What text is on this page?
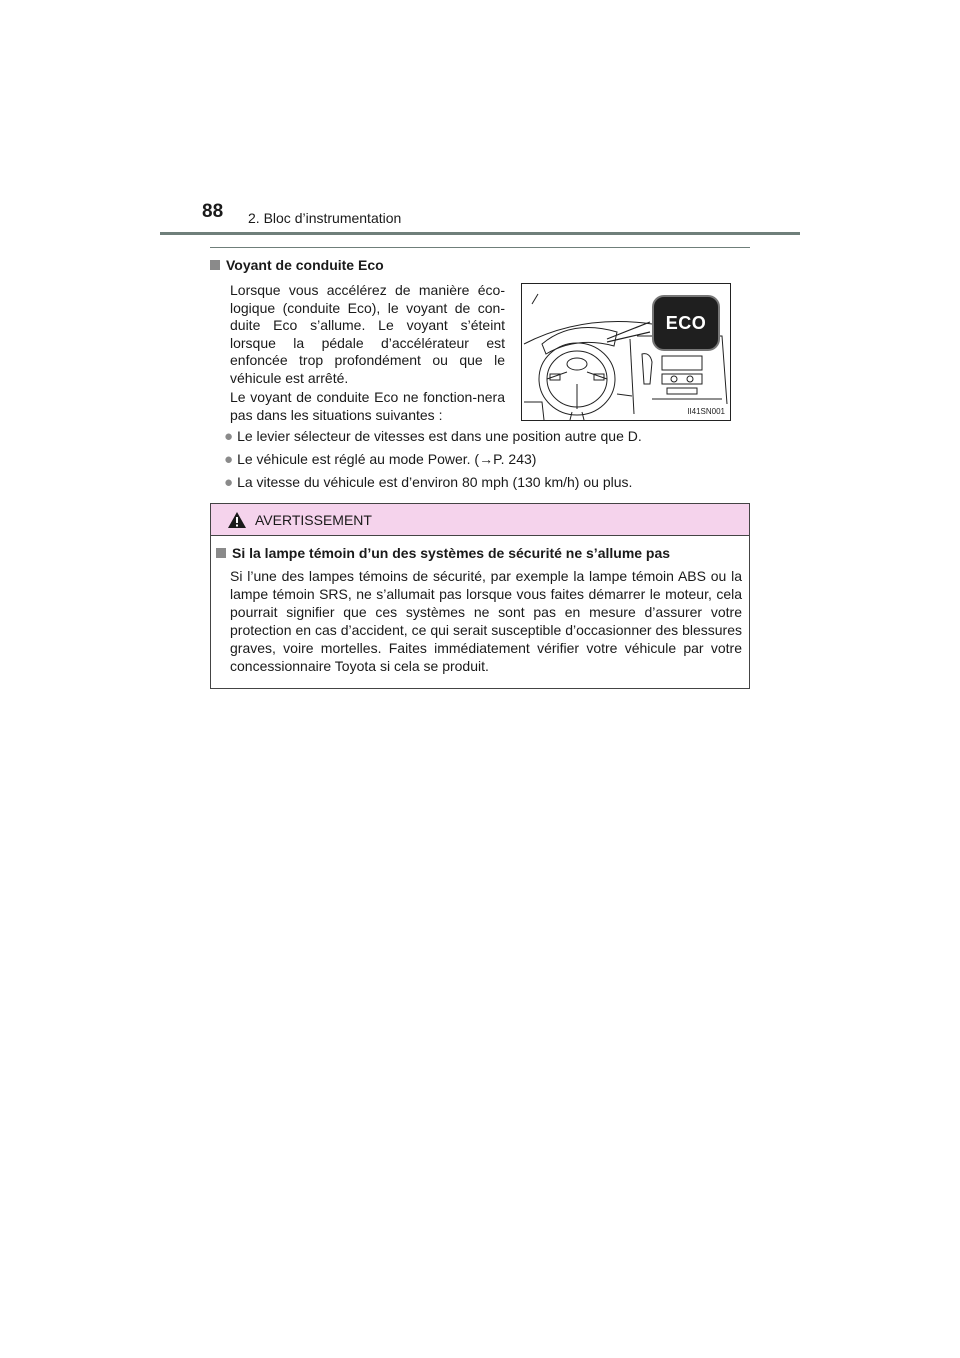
88 2. Bloc d’instrumentation
Voyant de conduite Eco
Lorsque vous accélérez de manière éco-logique (conduite Eco), le voyant de con-duite Eco s’allume. Le voyant s’éteint lorsque la pédale d’accélérateur est enfoncée trop profondément ou que le véhicule est arrêté.
Le voyant de conduite Eco ne fonction-nera pas dans les situations suivantes :
ECO
II41SN001
● Le levier sélecteur de vitesses est dans une position autre que D.
● Le véhicule est réglé au mode Power. (→P. 243)
● La vitesse du véhicule est d’environ 80 mph (130 km/h) ou plus.
AVERTISSEMENT
Si la lampe témoin d’un des systèmes de sécurité ne s’allume pas
Si l’une des lampes témoins de sécurité, par exemple la lampe témoin ABS ou la lampe témoin SRS, ne s’allumait pas lorsque vous faites démarrer le moteur, cela pourrait signifier que ces systèmes ne sont pas en mesure d’assurer votre protection en cas d’accident, ce qui serait susceptible d’occasionner des blessures graves, voire mortelles. Faites immédiatement vérifier votre véhicule par votre concessionnaire Toyota si cela se produit.
